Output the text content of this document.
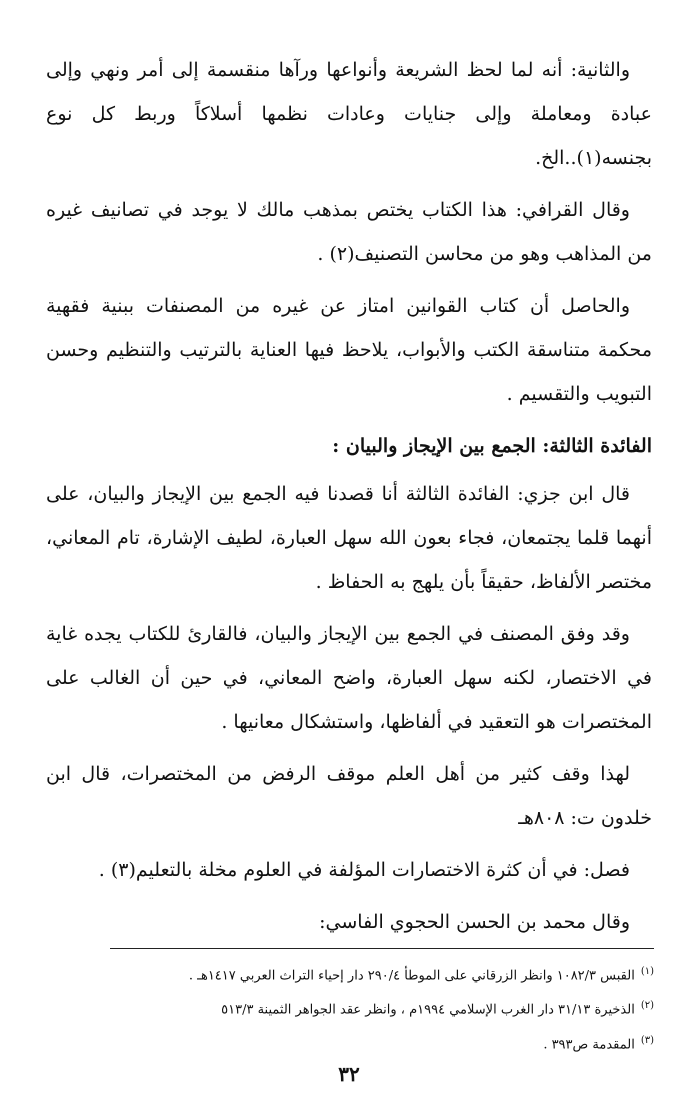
والثانية: أنه لما لحظ الشريعة وأنواعها ورآها منقسمة إلى أمر ونهي وإلى عبادة ومعاملة وإلى جنايات وعادات نظمها أسلاكاً وربط كل نوع بجنسه(١)..الخ.

وقال القرافي: هذا الكتاب يختص بمذهب مالك لا يوجد في تصانيف غيره من المذاهب وهو من محاسن التصنيف(٢) .

والحاصل أن كتاب القوانين امتاز عن غيره من المصنفات ببنية فقهية محكمة متناسقة الكتب والأبواب، يلاحظ فيها العناية بالترتيب والتنظيم وحسن التبويب والتقسيم .

الفائدة الثالثة: الجمع بين الإيجاز والبيان :

قال ابن جزي: الفائدة الثالثة أنا قصدنا فيه الجمع بين الإيجاز والبيان، على أنهما قلما يجتمعان، فجاء بعون الله سهل العبارة، لطيف الإشارة، تام المعاني، مختصر الألفاظ، حقيقاً بأن يلهج به الحفاظ .

وقد وفق المصنف في الجمع بين الإيجاز والبيان، فالقارئ للكتاب يجده غاية في الاختصار، لكنه سهل العبارة، واضح المعاني، في حين أن الغالب على المختصرات هو التعقيد في ألفاظها، واستشكال معانيها .

لهذا وقف كثير من أهل العلم موقف الرفض من المختصرات، قال ابن خلدون ت: ٨٠٨هـ

فصل: في أن كثرة الاختصارات المؤلفة في العلوم مخلة بالتعليم(٣) .

وقال محمد بن الحسن الحجوي الفاسي:

$^{(١)}$القبس ١٠٨٢/٣ وانظر الزرقاني على الموطأ ٢٩٠/٤ دار إحياء التراث العربي ١٤١٧هـ .

$^{(٢)}$الذخيرة ٣١/١٣ دار الغرب الإسلامي ١٩٩٤م ، وانظر عقد الجواهر الثمينة ٥١٣/٣

$^{(٣)}$المقدمة ص٣٩٣ .

٣٢
